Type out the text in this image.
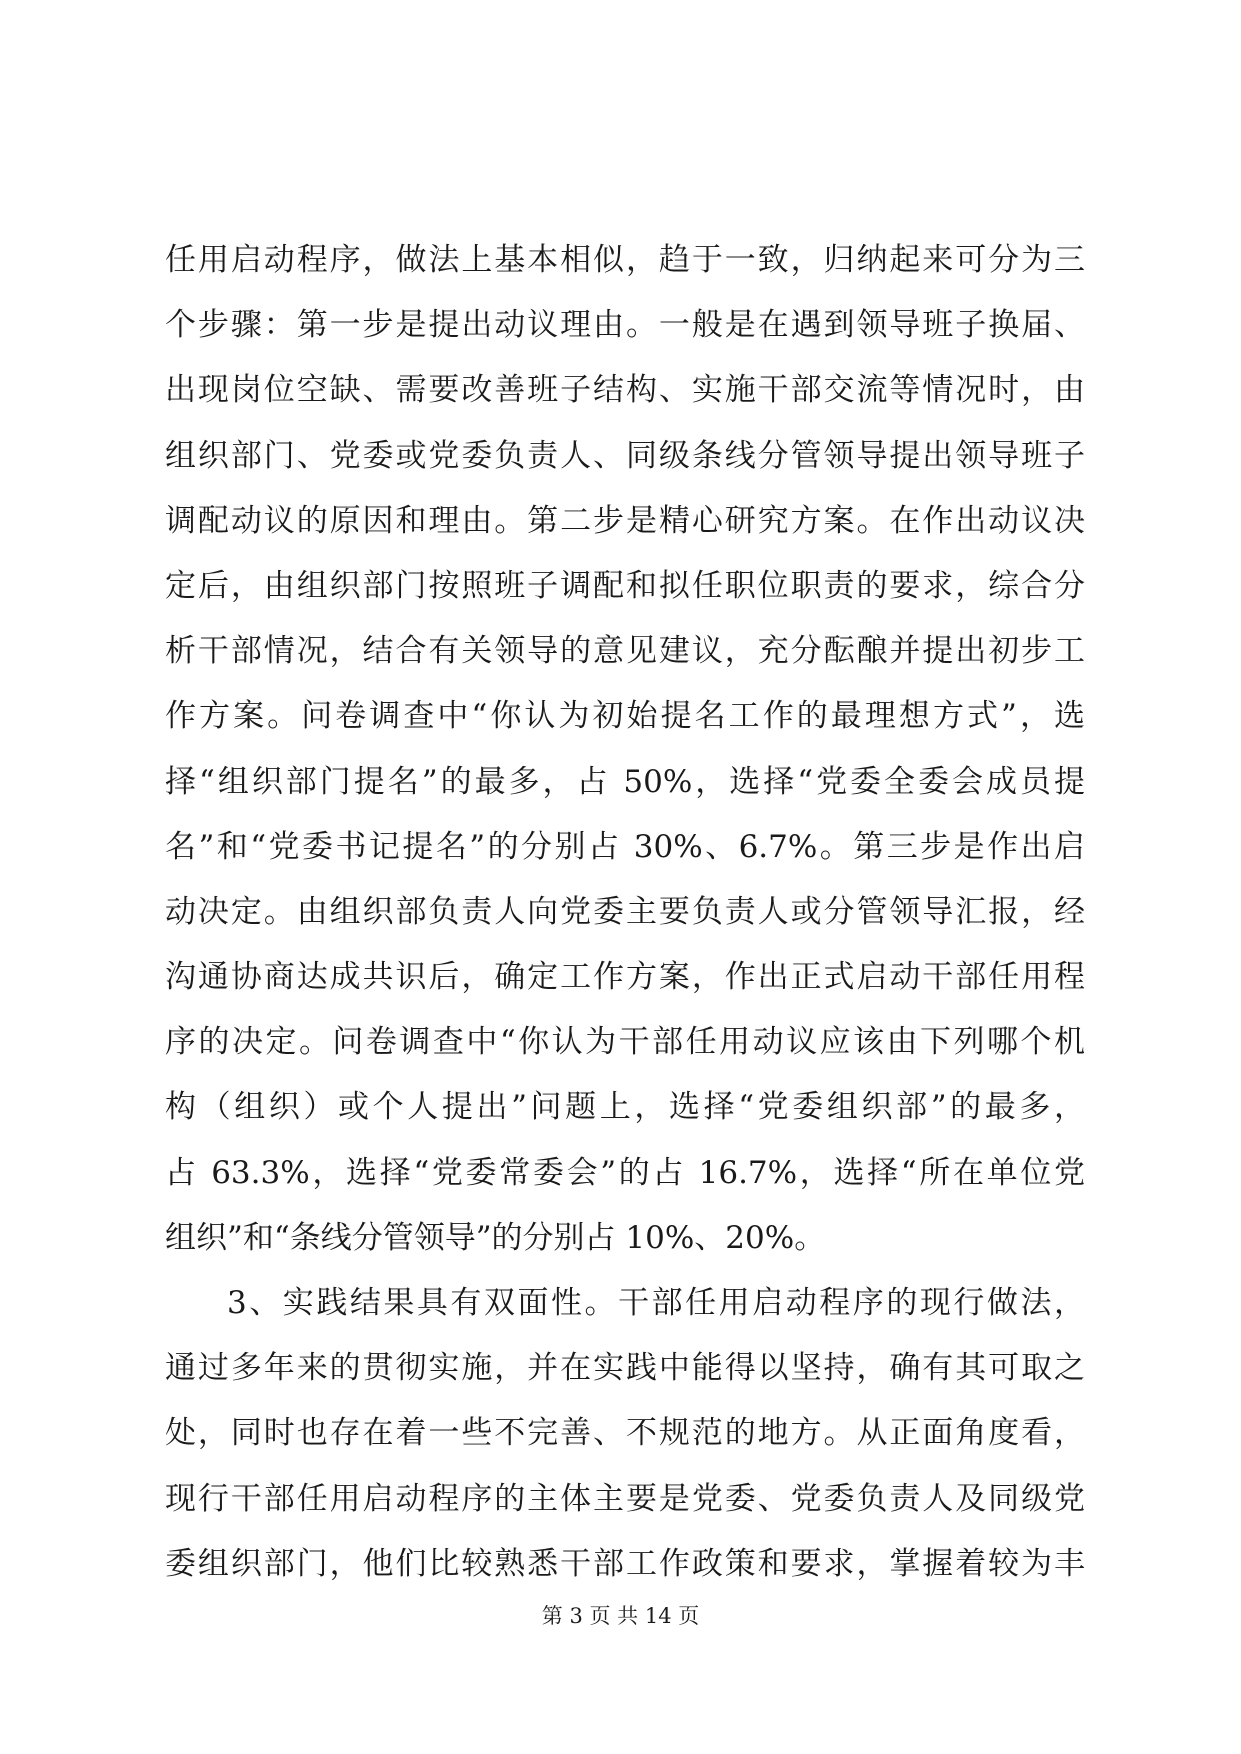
任用启动程序，做法上基本相似，趋于一致，归纳起来可分为三
个步骤：第一步是提出动议理由。一般是在遇到领导班子换届、
出现岗位空缺、需要改善班子结构、实施干部交流等情况时，由
组织部门、党委或党委负责人、同级条线分管领导提出领导班子
调配动议的原因和理由。第二步是精心研究方案。在作出动议决
定后，由组织部门按照班子调配和拟任职位职责的要求，综合分
析干部情况，结合有关领导的意见建议，充分酝酿并提出初步工
作方案。问卷调查中“你认为初始提名工作的最理想方式”，选
择“组织部门提名”的最多，占 50%，选择“党委全委会成员提
名”和“党委书记提名”的分别占 30%、6.7%。第三步是作出启
动决定。由组织部负责人向党委主要负责人或分管领导汇报，经
沟通协商达成共识后，确定工作方案，作出正式启动干部任用程
序的决定。问卷调查中“你认为干部任用动议应该由下列哪个机
构（组织）或个人提出”问题上，选择“党委组织部”的最多，
占 63.3%，选择“党委常委会”的占 16.7%，选择“所在单位党
组织”和“条线分管领导”的分别占 10%、20%。
3、实践结果具有双面性。干部任用启动程序的现行做法，
通过多年来的贯彻实施，并在实践中能得以坚持，确有其可取之
处，同时也存在着一些不完善、不规范的地方。从正面角度看，
现行干部任用启动程序的主体主要是党委、党委负责人及同级党
委组织部门，他们比较熟悉干部工作政策和要求，掌握着较为丰
第 3 页 共 14 页
